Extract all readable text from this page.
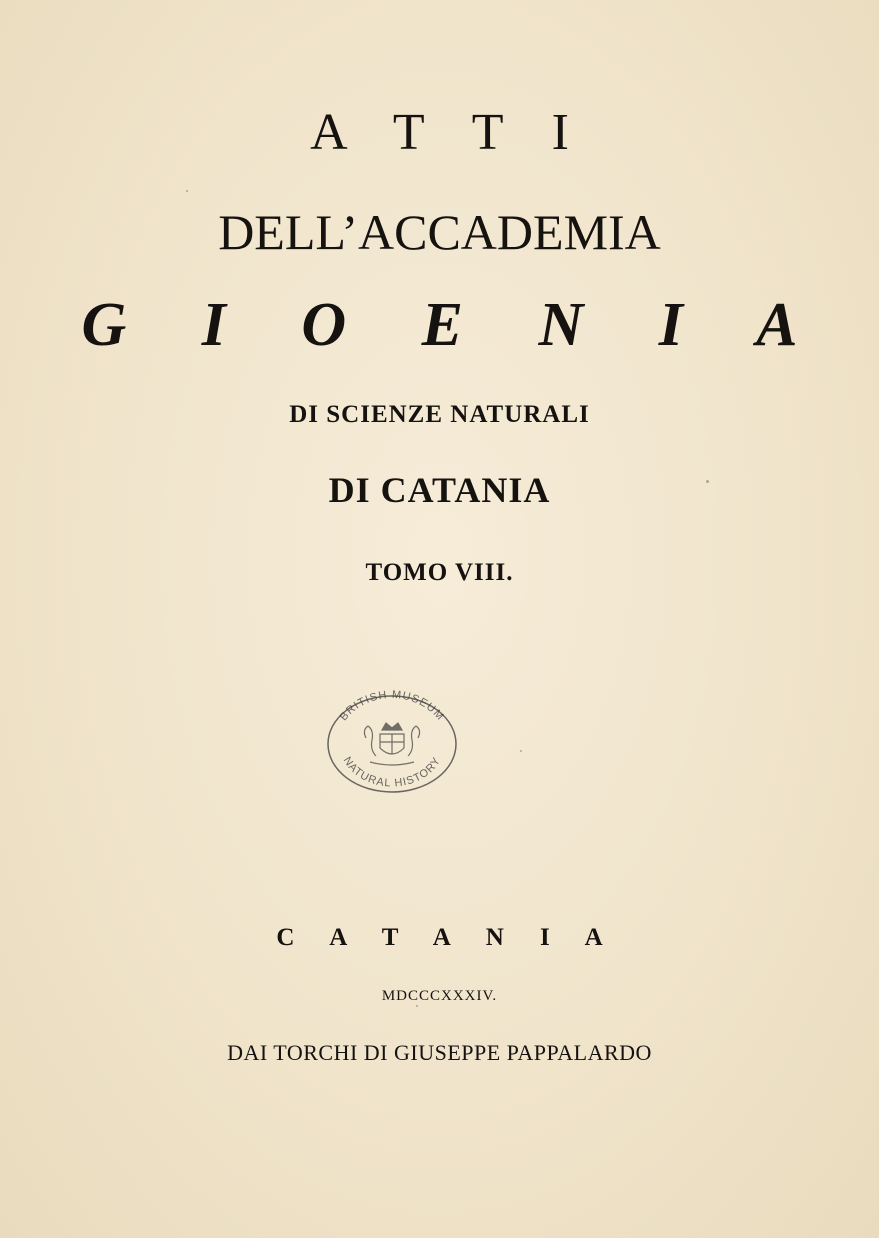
A T T I
DELL’ACCADEMIA
G I O E N I A
DI SCIENZE NATURALI
DI CATANIA
TOMO VIII.
BRITISH MUSEUM
NATURAL HISTORY
C A T A N I A
MDCCCXXXIV.
DAI TORCHI DI GIUSEPPE PAPPALARDO
